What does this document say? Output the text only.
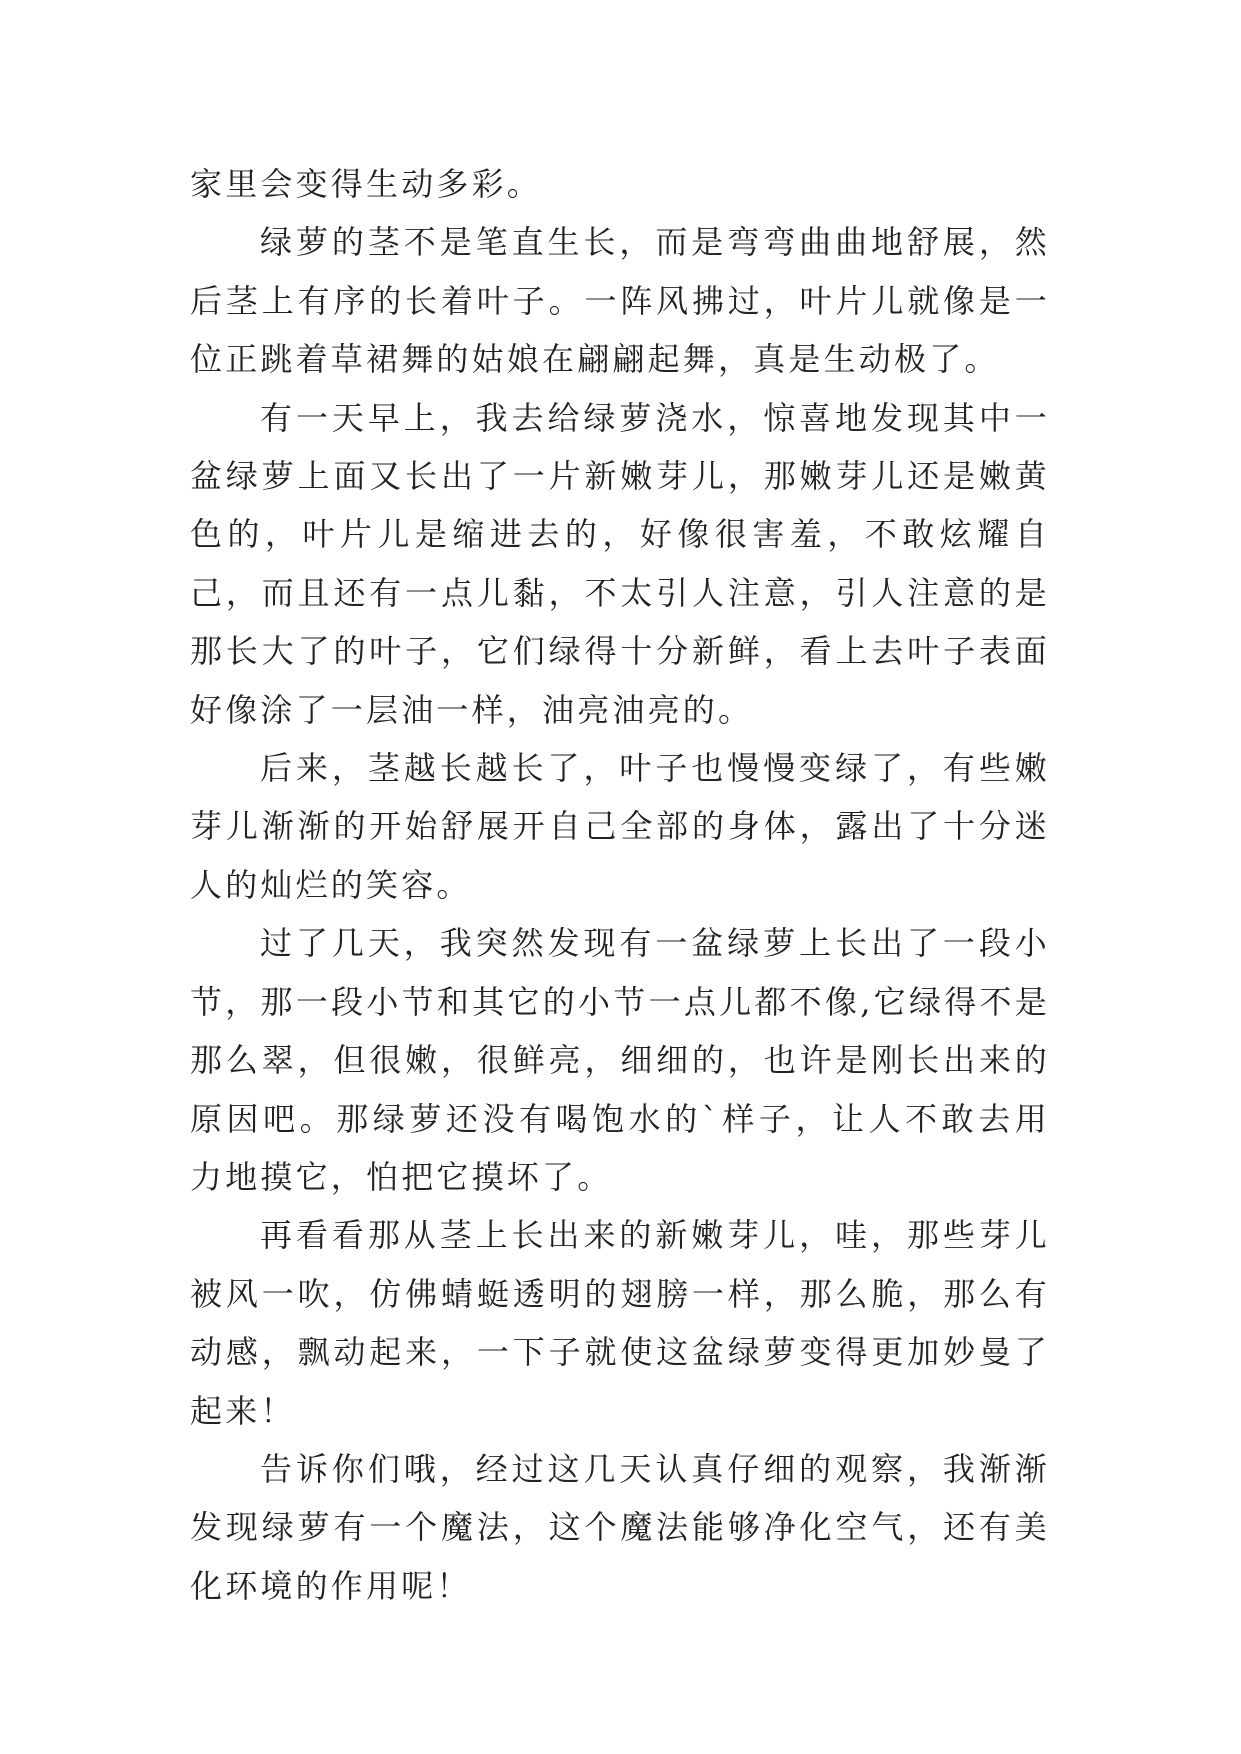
家里会变得生动多彩。

绿萝的茎不是笔直生长，而是弯弯曲曲地舒展，然后茎上有序的长着叶子。一阵风拂过，叶片儿就像是一位正跳着草裙舞的姑娘在翩翩起舞，真是生动极了。

有一天早上，我去给绿萝浇水，惊喜地发现其中一盆绿萝上面又长出了一片新嫩芽儿，那嫩芽儿还是嫩黄色的，叶片儿是缩进去的，好像很害羞，不敢炫耀自己，而且还有一点儿黏，不太引人注意，引人注意的是那长大了的叶子，它们绿得十分新鲜，看上去叶子表面好像涂了一层油一样，油亮油亮的。

后来，茎越长越长了，叶子也慢慢变绿了，有些嫩芽儿渐渐的开始舒展开自己全部的身体，露出了十分迷人的灿烂的笑容。

过了几天，我突然发现有一盆绿萝上长出了一段小节，那一段小节和其它的小节一点儿都不像,它绿得不是那么翠，但很嫩，很鲜亮，细细的，也许是刚长出来的原因吧。那绿萝还没有喝饱水的`样子，让人不敢去用力地摸它，怕把它摸坏了。

再看看那从茎上长出来的新嫩芽儿，哇，那些芽儿被风一吹，仿佛蜻蜓透明的翅膀一样，那么脆，那么有动感，飘动起来，一下子就使这盆绿萝变得更加妙曼了起来！

告诉你们哦，经过这几天认真仔细的观察，我渐渐发现绿萝有一个魔法，这个魔法能够净化空气，还有美化环境的作用呢！
